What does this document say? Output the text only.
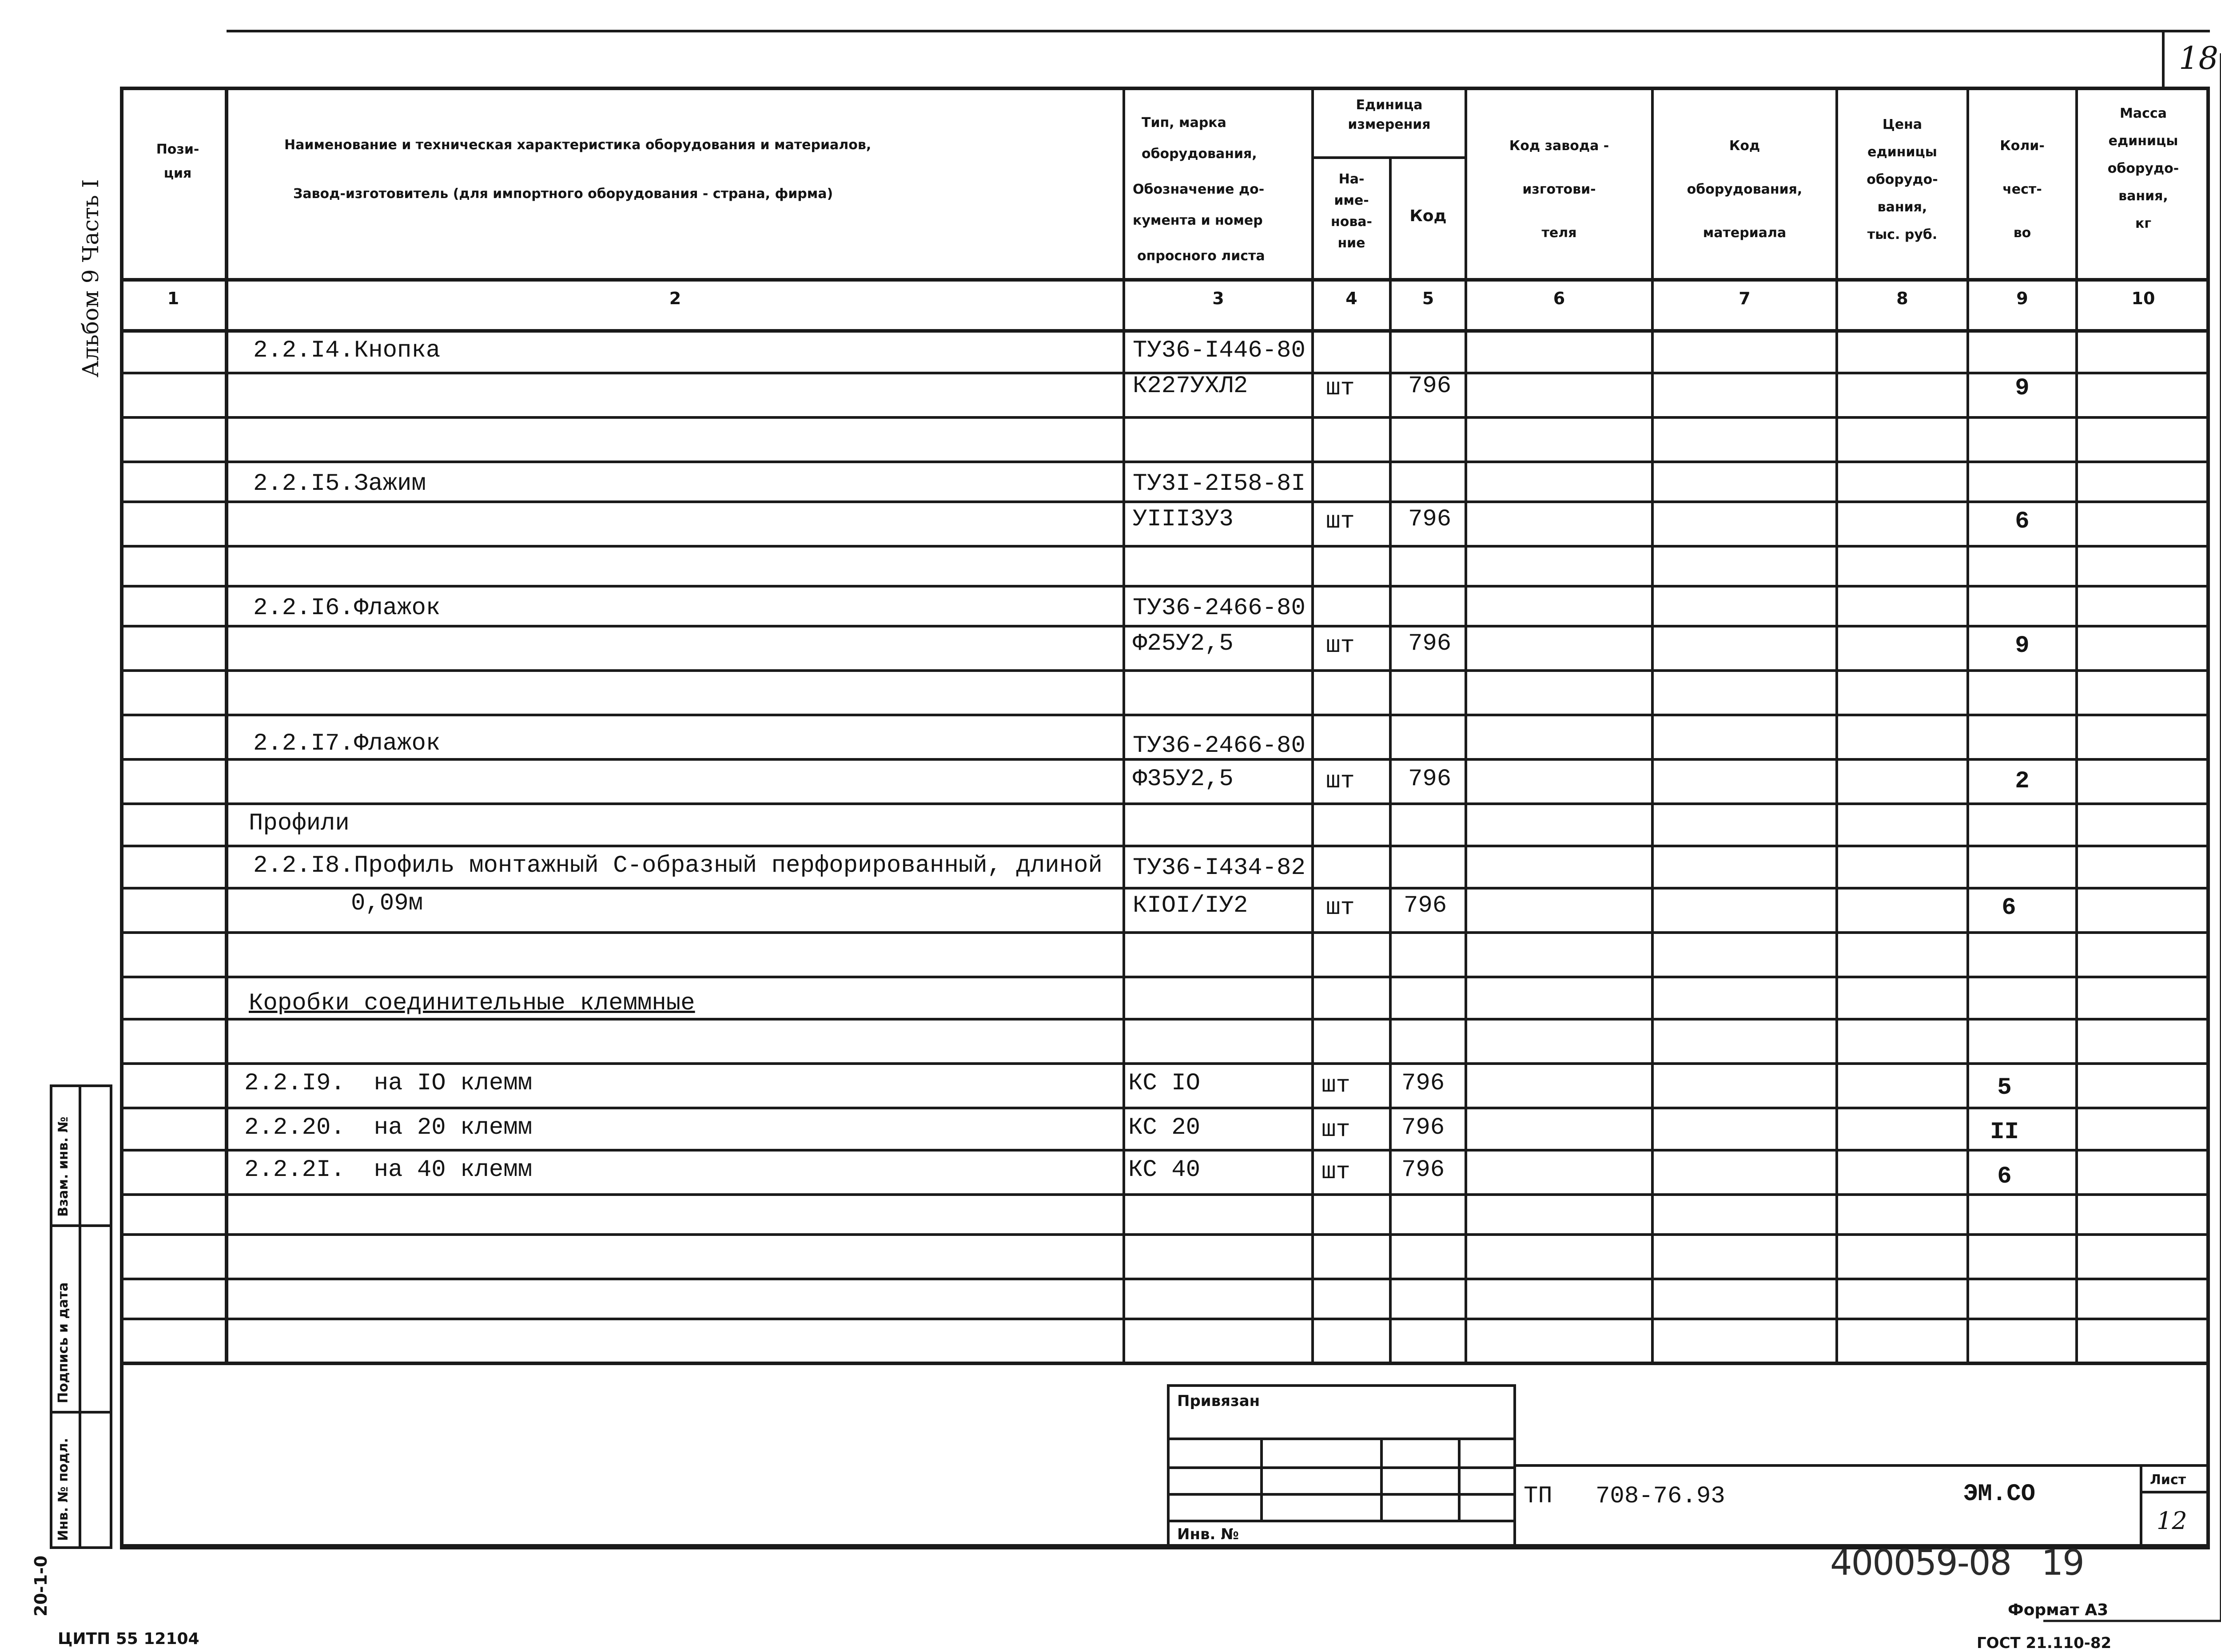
18
Альбом 9 Часть I
Взам. инв. №
Подпись и дата
Инв. № подл.
20-1-0
Пози-
ция
Наименование и техническая характеристика оборудования и материалов,
Завод-изготовитель (для импортного оборудования - страна, фирма)
Тип, марка
оборудования,
Обозначение до-
кумента и номер
опросного листа
Единица
измерения
На-
име-
нова-
ние
Код
Код завода -
изготови-
теля
Код
оборудования,
материала
Цена
единицы
оборудо-
вания,
тыс. руб.
Коли-
чест-
во
Масса
единицы
оборудо-
вания,
кг
1	2	3	4	5	6	7	8	9	10
2.2.I4.Кнопка	ТУ36-I446-80
К227УХЛ2	шт 796	9
2.2.I5.Зажим	ТУ3I-2I58-8I
УIII3У3	шт 796	6
2.2.I6.Флажок	ТУ36-2466-80
Ф25У2,5	шт 796	9
2.2.I7.Флажок	ТУ36-2466-80
Ф35У2,5	шт 796	2
Профили
2.2.I8.Профиль монтажный С-образный перфорированный, длиной ТУ36-I434-82
0,09м	КIОI/IУ2	шт 796	6
Коробки соединительные клеммные
2.2.I9.  на IO клемм	КС IO	шт 796	5
2.2.20.  на 20 клемм	КС 20	шт 796	II
2.2.2I.  на 40 клемм	КС 40	шт 796	6
Привязан
Инв. №
ТП   708-76.93	ЭМ.СО
Лист
12
400059-08   19
Формат А3
ГОСТ 21.110-82
ЦИТП 55 12104
